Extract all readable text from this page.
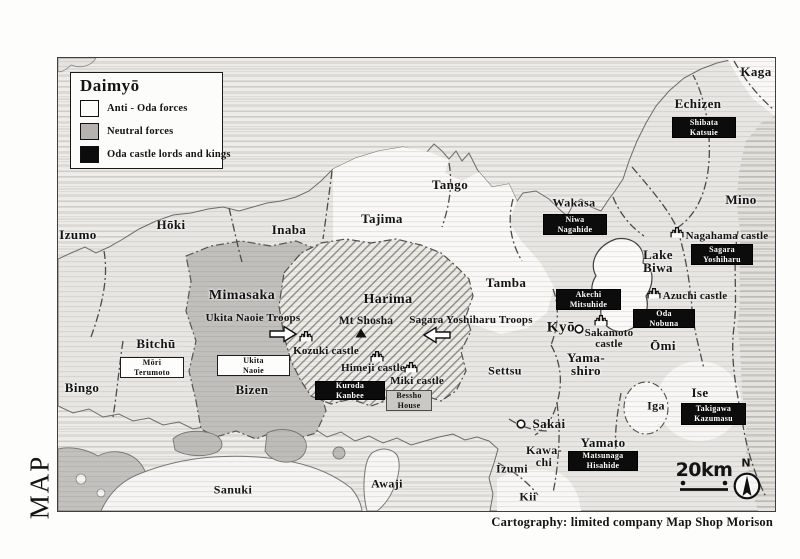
Daimyō
Anti - Oda forces
Neutral forces
Oda castle lords and kings
Kaga
Echizen
Mino
Izumo
Hōki	Inaba
Tajima
Tango
Tamba
Wakasa
Mimasaka
Bitchū
Bingo	Bizen
Harima
Settsu
Yama-
shiro
Ōmi
Ise
Iga
Yamato
Kawa-
chi
Izumi
Kii
Sanuki	Awaji
Lake
Biwa
Kyō
Sakai
Mt Shosha
Ukita Naoie Troops	Sagara Yoshiharu Troops
Nagahama castle
Azuchi castle
Sakamoto
castle
Kozuki castle
Himeji castle
Miki castle
Shibata
Katsuie
Niwa
Nagahide
Sagara
Yoshiharu
Akechi
Mitsuhide
Oda
Nobuna
Kuroda
Kanbee
Matsunaga
Hisahide
Takigawa
Kazumasu
Mōri
Terumoto
Ukita
Naoie
Bessho
House
20km N
MAP
Cartography: limited company Map Shop Morison
